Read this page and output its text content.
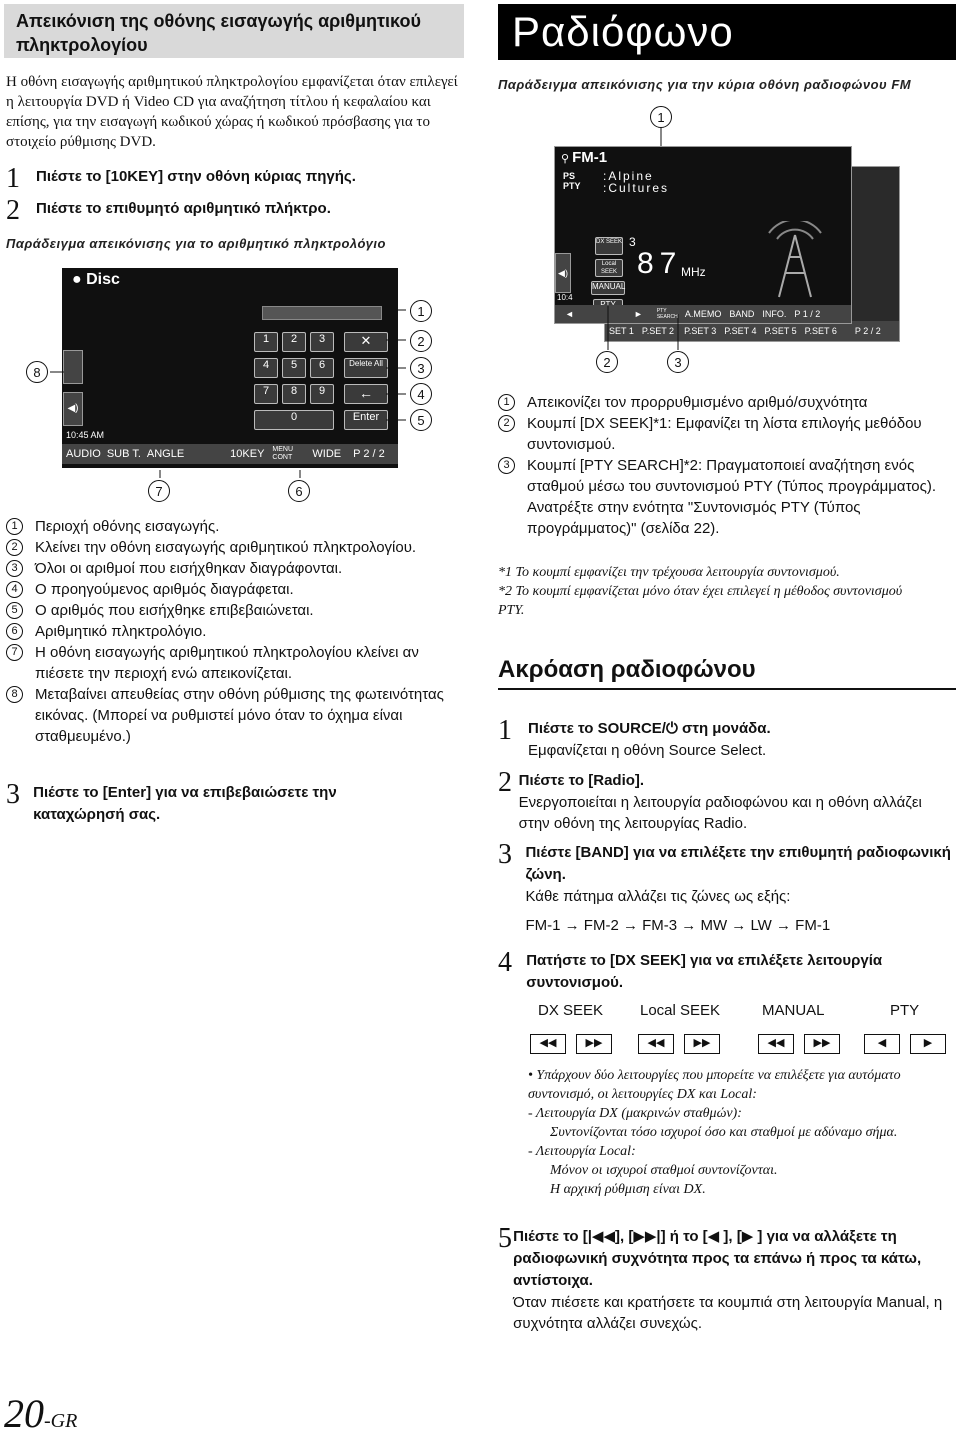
Απεικόνιση της οθόνης εισαγωγής αριθμητικού πληκτρολογίου

Η οθόνη εισαγωγής αριθμητικού πληκτρολογίου εμφανίζεται όταν επιλεγεί η λειτουργία DVD ή Video CD για αναζήτηση τίτλου ή κεφαλαίου και επίσης, για την εισαγωγή κωδικού χώρας ή κωδικού πρόσβασης για το στοιχείο ρύθμισης DVD.

1	Πιέστε το [10KEY] στην οθόνη κύριας πηγής.
2	Πιέστε το επιθυμητό αριθμητικό πλήκτρο.
Παράδειγμα απεικόνισης για το αριθμητικό πληκτρολόγιο
● Disc
◀)
1	2	3
4	5	6
7	8	9
0
✕
Delete All
←
Enter
10:45 AM
AUDIO SUB T. ANGLE	10KEY MENU CONT	WIDE P 2 / 2
1
2
3
4
5
6
7
8
1	Περιοχή οθόνης εισαγωγής.
2	Κλείνει την οθόνη εισαγωγής αριθμητικού πληκτρολογίου.
3	Όλοι οι αριθμοί που εισήχθηκαν διαγράφονται.
4	Ο προηγούμενος αριθμός διαγράφεται.
5	Ο αριθμός που εισήχθηκε επιβεβαιώνεται.
6	Αριθμητικό πληκτρολόγιο.
7	Η οθόνη εισαγωγής αριθμητικού πληκτρολογίου κλείνει αν πιέσετε την περιοχή ενώ απεικονίζεται.
8	Μεταβαίνει απευθείας στην οθόνη ρύθμισης της φωτεινότητας εικόνας. (Μπορεί να ρυθμιστεί μόνο όταν το όχημα είναι σταθμευμένο.)
3 Πιέστε το [Enter] για να επιβεβαιώσετε την καταχώρησή σας.
20-GR
Ραδιόφωνο
Παράδειγμα απεικόνισης για την κύρια οθόνη ραδιοφώνου FM
1
SET 1 P.SET 2 P.SET 3 P.SET 4 P.SET 5 P.SET 6 P 2 / 2
⚲ FM-1
PS
PTY
:Alpine
:Cultures
◀)
DX SEEK
Local SEEK
MANUAL
3
87
MHz
10:4
◄	►	PTY SEARCH A.MEMO BAND INFO. P 1 / 2
2	3
1	Απεικονίζει τον προρρυθμισμένο αριθμό/συχνότητα
2	Κουμπί [DX SEEK]*1: Εμφανίζει τη λίστα επιλογής μεθόδου συντονισμού.
3	Κουμπί [PTY SEARCH]*2: Πραγματοποιεί αναζήτηση ενός σταθμού μέσω του συντονισμού PTY (Τύπος προγράμματος). Ανατρέξτε στην ενότητα "Συντονισμός PTY (Τύπος προγράμματος)" (σελίδα 22).
*1 Το κουμπί εμφανίζει την τρέχουσα λειτουργία συντονισμού.
*2 Το κουμπί εμφανίζεται μόνο όταν έχει επιλεγεί η μέθοδος συντονισμού PTY.
Ακρόαση ραδιοφώνου
1	Πιέστε το SOURCE/⏻ στη μονάδα.
Εμφανίζεται η οθόνη Source Select.
2 Πιέστε το [Radio].
Ενεργοποιείται η λειτουργία ραδιοφώνου και η οθόνη αλλάζει στην οθόνη της λειτουργίας Radio.
3 Πιέστε [BAND] για να επιλέξετε την επιθυμητή ραδιοφωνική ζώνη.
Κάθε πάτημα αλλάζει τις ζώνες ως εξής:
FM-1 → FM-2 → FM-3 → MW → LW → FM-1
4 Πατήστε το [DX SEEK] για να επιλέξετε λειτουργία συντονισμού.
DX SEEK Local SEEK	MANUAL	PTY
◀◀	▶▶	◀◀	▶▶	◀◀	▶▶	◀	▶
• Υπάρχουν δύο λειτουργίες που μπορείτε να επιλέξετε για αυτόματο συντονισμό, οι λειτουργίες DX και Local:
- Λειτουργία DX (μακρινών σταθμών):
Συντονίζονται τόσο ισχυροί όσο και σταθμοί με αδύναμο σήμα.
- Λειτουργία Local:
Μόνον οι ισχυροί σταθμοί συντονίζονται.
Η αρχική ρύθμιση είναι DX.
5 Πιέστε το [|◀◀], [▶▶|] ή το [◀ ], [▶ ] για να αλλάξετε τη ραδιοφωνική συχνότητα προς τα επάνω ή προς τα κάτω, αντίστοιχα.
Όταν πιέσετε και κρατήσετε τα κουμπιά στη λειτουργία Manual, η συχνότητα αλλάζει συνεχώς.
